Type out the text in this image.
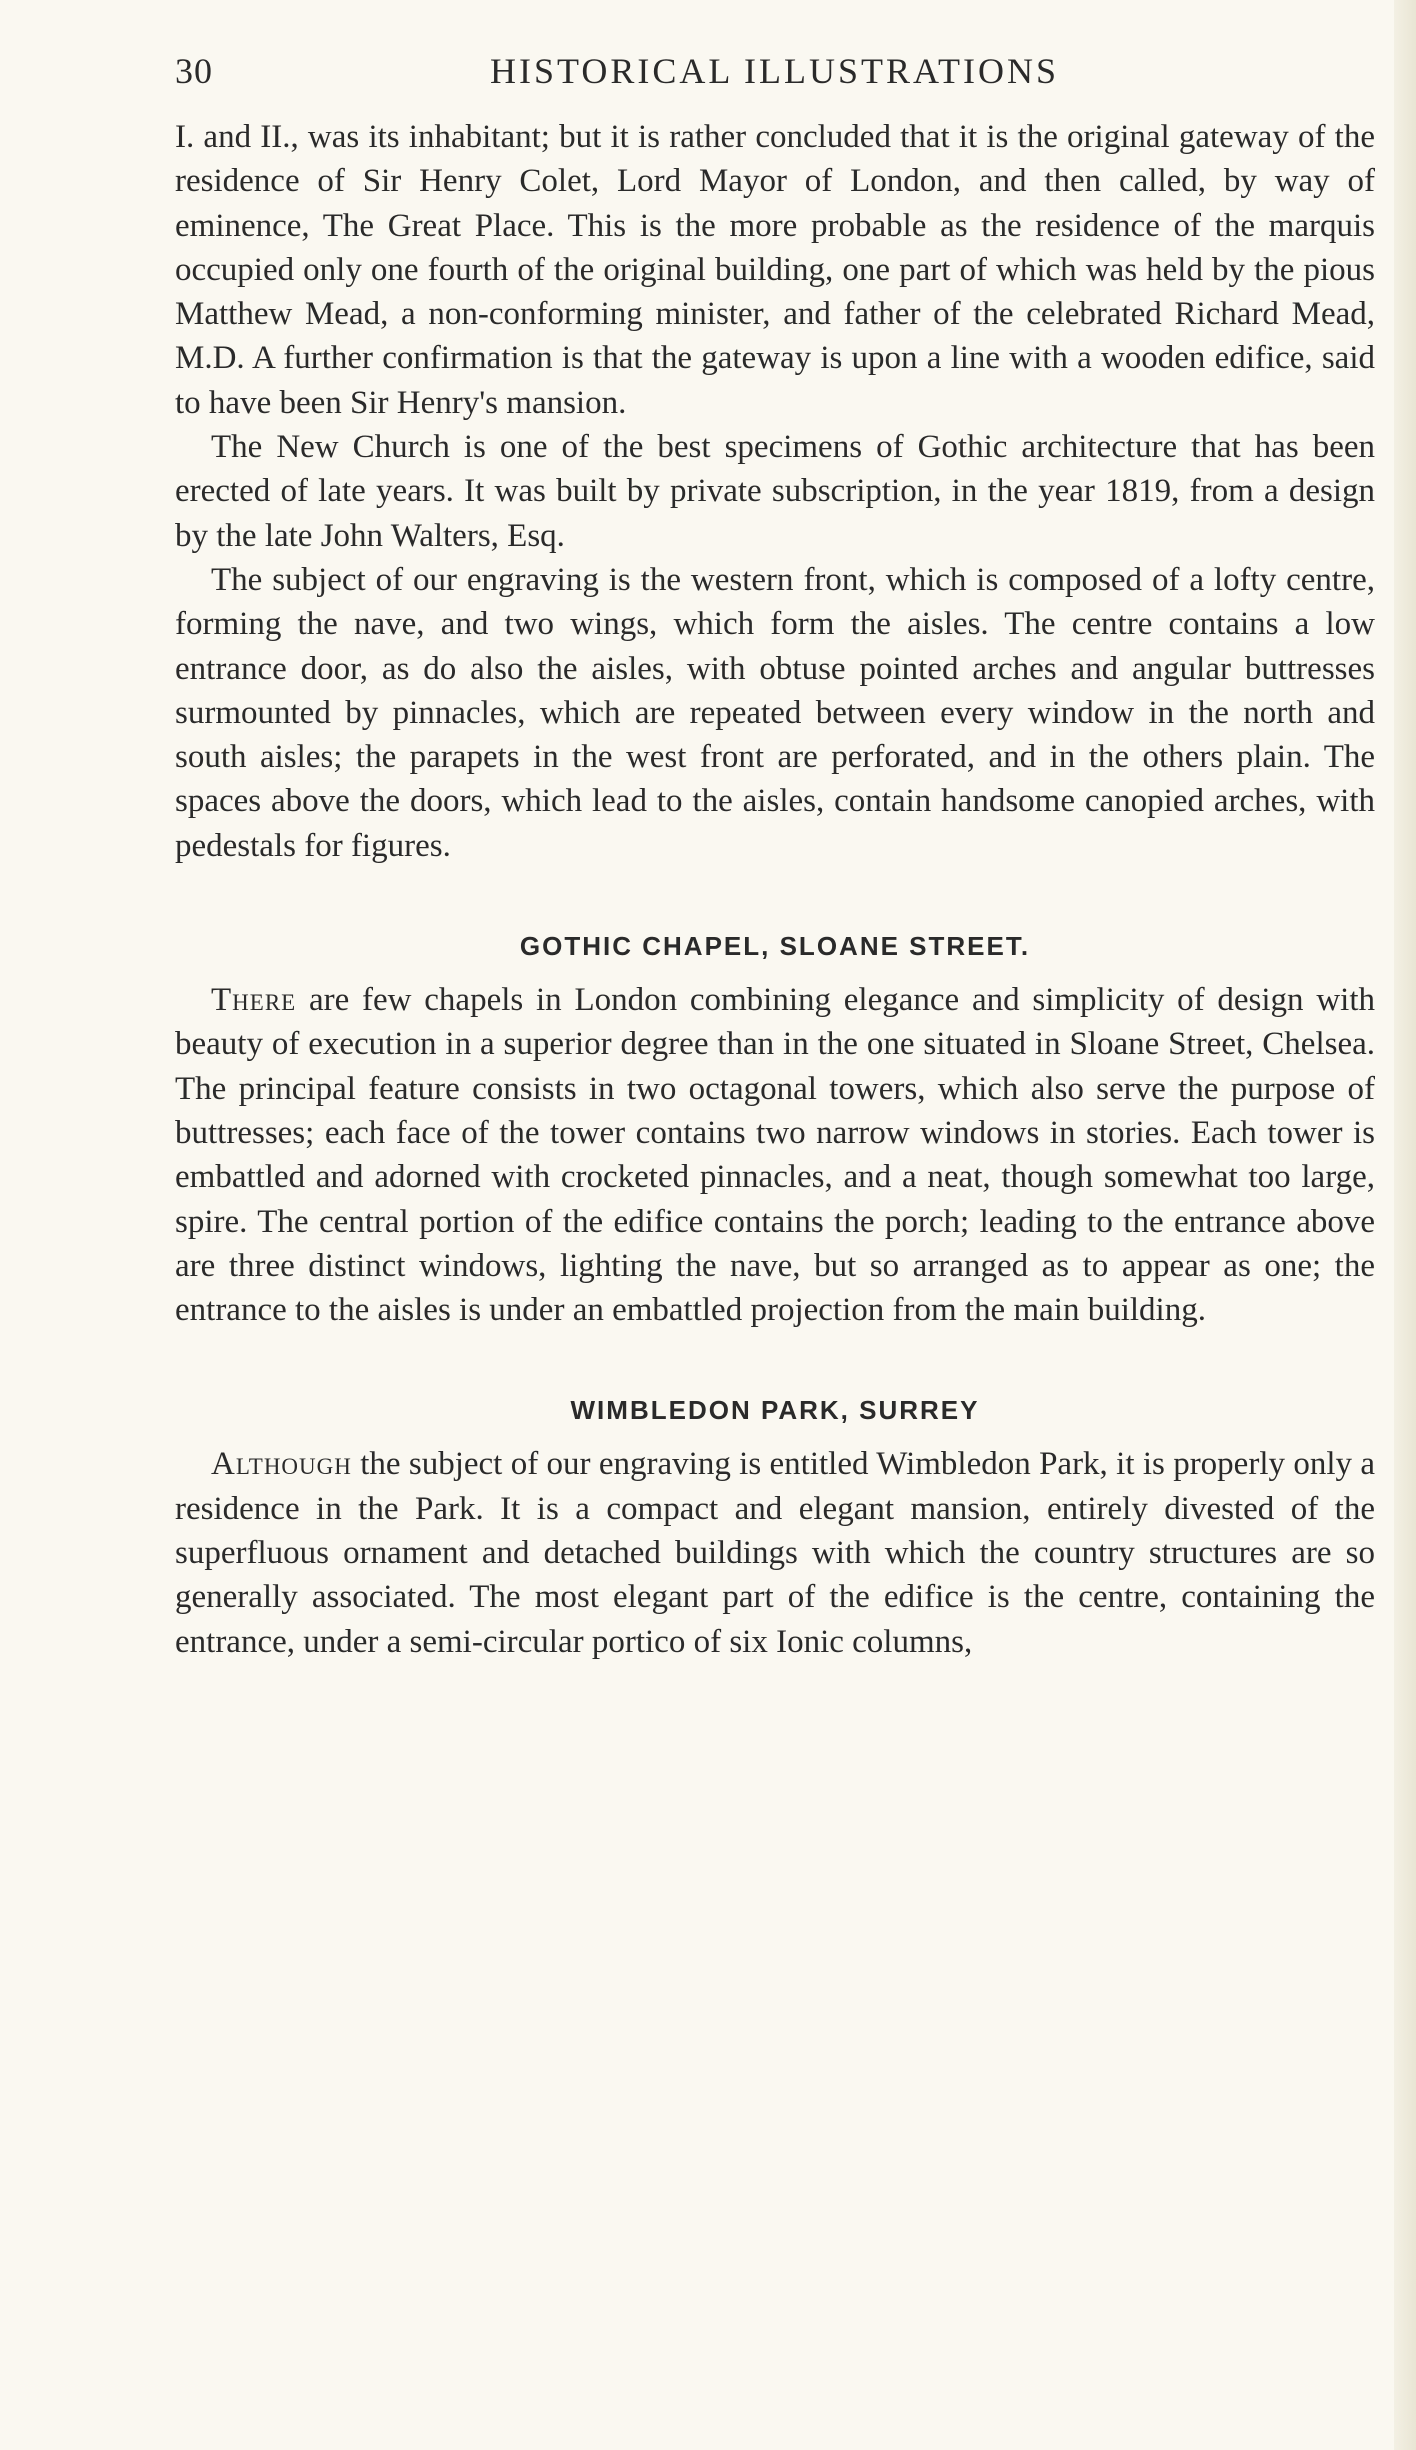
30	HISTORICAL ILLUSTRATIONS

I. and II., was its inhabitant; but it is rather concluded that it is the original gateway of the residence of Sir Henry Colet, Lord Mayor of London, and then called, by way of eminence, The Great Place. This is the more probable as the residence of the marquis occupied only one fourth of the original building, one part of which was held by the pious Matthew Mead, a non-conforming minister, and father of the celebrated Richard Mead, M.D. A further confirmation is that the gateway is upon a line with a wooden edifice, said to have been Sir Henry's mansion.

The New Church is one of the best specimens of Gothic architecture that has been erected of late years. It was built by private subscription, in the year 1819, from a design by the late John Walters, Esq.

The subject of our engraving is the western front, which is composed of a lofty centre, forming the nave, and two wings, which form the aisles. The centre contains a low entrance door, as do also the aisles, with obtuse pointed arches and angular buttresses surmounted by pinnacles, which are repeated between every window in the north and south aisles; the parapets in the west front are perforated, and in the others plain. The spaces above the doors, which lead to the aisles, contain handsome canopied arches, with pedestals for figures.

GOTHIC CHAPEL, SLOANE STREET.

There are few chapels in London combining elegance and simplicity of design with beauty of execution in a superior degree than in the one situated in Sloane Street, Chelsea. The principal feature consists in two octagonal towers, which also serve the purpose of buttresses; each face of the tower contains two narrow windows in stories. Each tower is embattled and adorned with crocketed pinnacles, and a neat, though somewhat too large, spire. The central portion of the edifice contains the porch; leading to the entrance above are three distinct windows, lighting the nave, but so arranged as to appear as one; the entrance to the aisles is under an embattled projection from the main building.

WIMBLEDON PARK, SURREY

Although the subject of our engraving is entitled Wimbledon Park, it is properly only a residence in the Park. It is a compact and elegant mansion, entirely divested of the superfluous ornament and detached buildings with which the country structures are so generally associated. The most elegant part of the edifice is the centre, containing the entrance, under a semi-circular portico of six Ionic columns,
